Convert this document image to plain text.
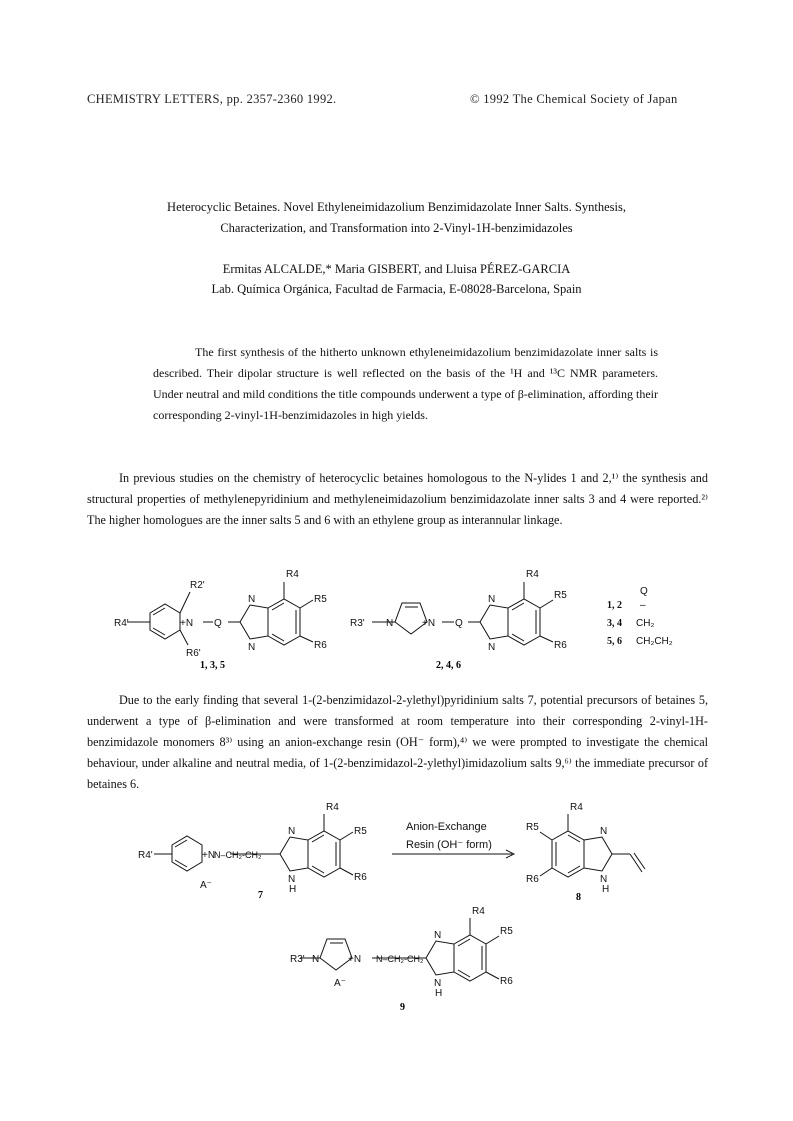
CHEMISTRY LETTERS, pp. 2357-2360 1992.	© 1992 The Chemical Society of Japan
Heterocyclic Betaines. Novel Ethyleneimidazolium Benzimidazolate Inner Salts. Synthesis,
Characterization, and Transformation into 2-Vinyl-1H-benzimidazoles
Ermitas ALCALDE,* Maria GISBERT, and Lluisa PÉREZ-GARCIA
Lab. Química Orgánica, Facultad de Farmacia, E-08028-Barcelona, Spain

The first synthesis of the hitherto unknown ethyleneimidazolium benzimidazolate inner salts is described. Their dipolar structure is well reflected on the basis of the ¹H and ¹³C NMR parameters. Under neutral and mild conditions the title compounds underwent a type of β-elimination, affording their corresponding 2-vinyl-1H-benzimidazoles in high yields.

In previous studies on the chemistry of heterocyclic betaines homologous to the N-ylides 1 and 2,¹⁾ the synthesis and structural properties of methylenepyridinium and methyleneimidazolium benzimidazolate inner salts 3 and 4 were reported.²⁾ The higher homologues are the inner salts 5 and 6 with an ethylene group as interannular linkage.

R2'
R4'
R6'
+N Q
N
N
R4
R5
R6
R3' N	+N Q
N
N
R4
R5
R6
1, 3, 5	2, 4, 6
Q
1, 2 –
3, 4 CH₂
5, 6 CH₂CH₂

Due to the early finding that several 1-(2-benzimidazol-2-ylethyl)pyridinium salts 7, potential precursors of betaines 5, underwent a type of β-elimination and were transformed at room temperature into their corresponding 2-vinyl-1H-benzimidazole monomers 8³⁾ using an anion-exchange resin (OH⁻ form),⁴⁾ we were prompted to investigate the chemical behaviour, under alkaline and neutral media, of 1-(2-benzimidazol-2-ylethyl)imidazolium salts 9,⁶⁾ the immediate precursor of betaines 6.

R4'	+N
N–CH₂-CH₂
A⁻
N
N
H
R4
R5
R6
R4
R5
R6
N
N
H
R3' N	+N N–CH₂-CH₂
A⁻
N
N
H
R4
R5
R6
Anion-Exchange
Resin (OH⁻ form)
7	8
9
